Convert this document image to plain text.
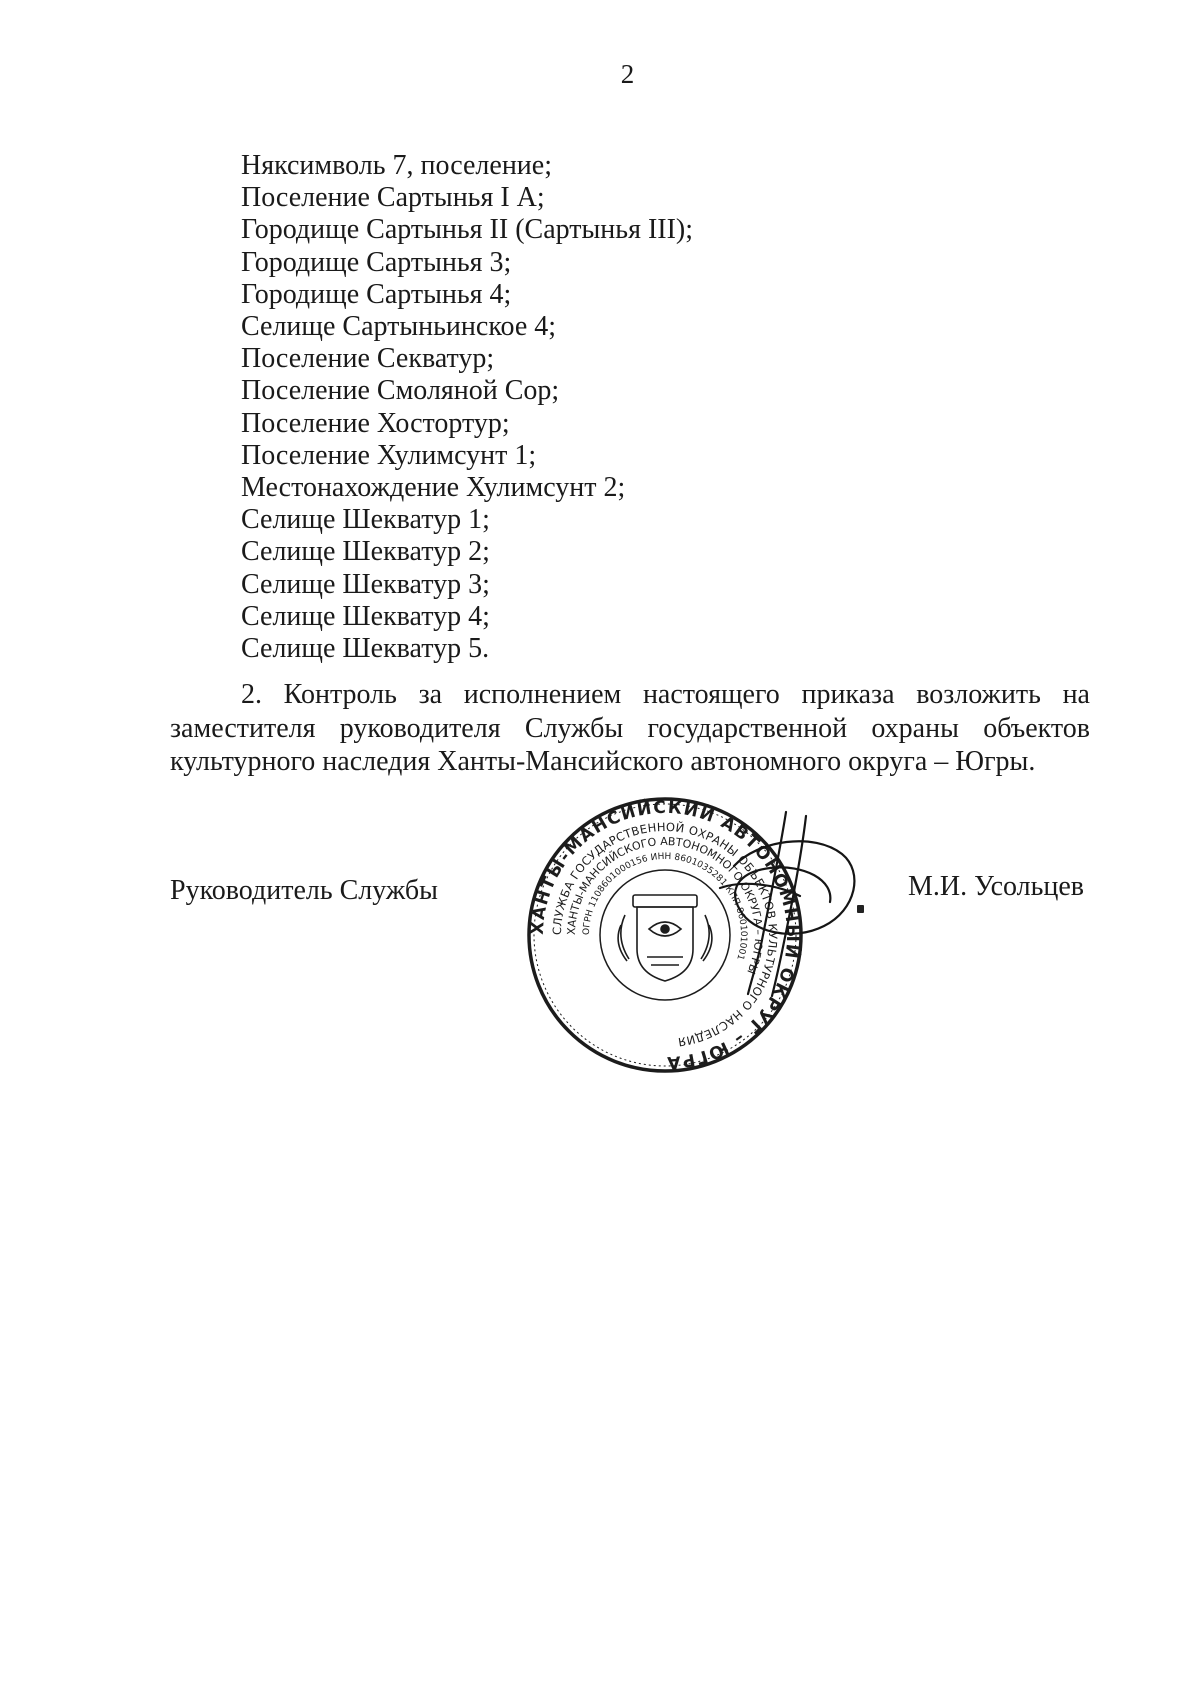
2
Няксимволь 7, поселение;
Поселение Сартынья I А;
Городище Сартынья II (Сартынья III);
Городище Сартынья 3;
Городище Сартынья 4;
Селище Сартыньинское 4;
Поселение Секватур;
Поселение Смоляной Сор;
Поселение Хостортур;
Поселение Хулимсунт 1;
Местонахождение Хулимсунт 2;
Селище Шекватур 1;
Селище Шекватур 2;
Селище Шекватур 3;
Селище Шекватур 4;
Селище Шекватур 5.

2. Контроль за исполнением настоящего приказа возложить на заместителя руководителя Службы государственной охраны объектов культурного наследия Ханты-Мансийского автономного округа – Югры.

Руководитель Службы
ХАНТЫ-МАНСИЙСКИЙ АВТОНОМНЫЙ ОКРУГ – ЮГРА
СЛУЖБА ГОСУДАРСТВЕННОЙ ОХРАНЫ ОБЪЕКТОВ КУЛЬТУРНОГО НАСЛЕДИЯ
ХАНТЫ-МАНСИЙСКОГО АВТОНОМНОГО ОКРУГА – ЮГРЫ
ОГРН 1108601000156 ИНН 8601035281 КПП 860101001
М.И. Усольцев
